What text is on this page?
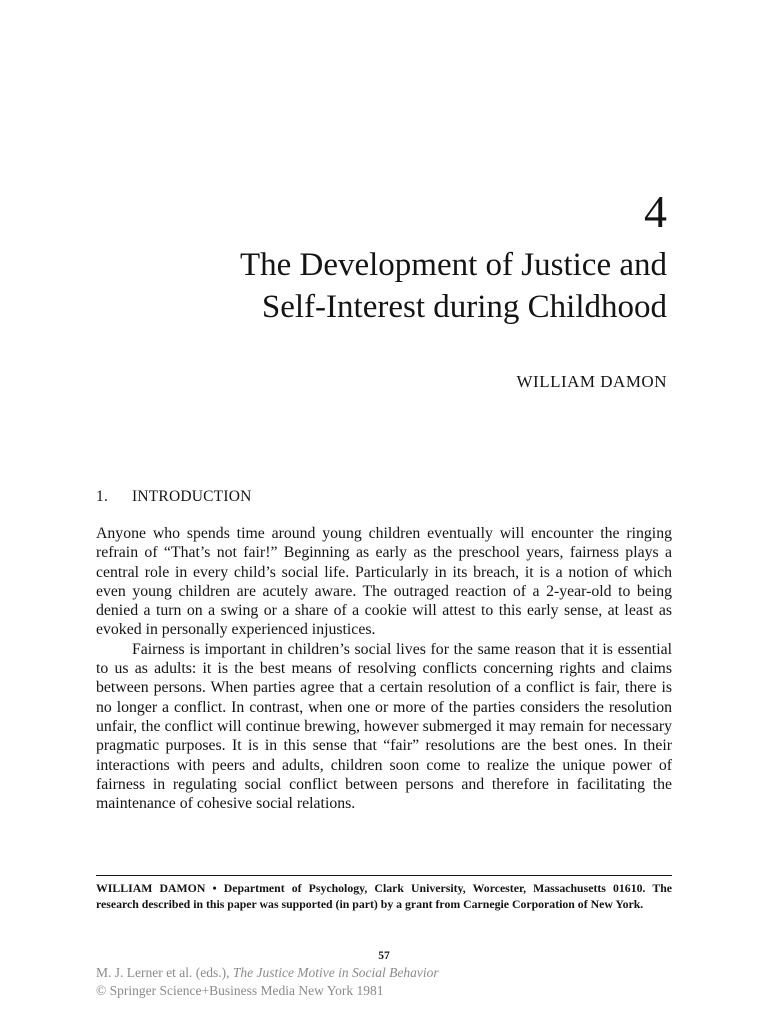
4
The Development of Justice and
Self-Interest during Childhood
WILLIAM DAMON
1. INTRODUCTION

Anyone who spends time around young children eventually will encounter the ringing refrain of “That’s not fair!” Beginning as early as the preschool years, fairness plays a central role in every child’s social life. Particularly in its breach, it is a notion of which even young children are acutely aware. The outraged reaction of a 2-year-old to being denied a turn on a swing or a share of a cookie will attest to this early sense, at least as evoked in personally experienced injustices.

Fairness is important in children’s social lives for the same reason that it is essential to us as adults: it is the best means of resolving conflicts concerning rights and claims between persons. When parties agree that a certain resolution of a conflict is fair, there is no longer a conflict. In contrast, when one or more of the parties considers the resolution unfair, the conflict will continue brewing, however submerged it may remain for necessary pragmatic purposes. It is in this sense that “fair” resolutions are the best ones. In their interactions with peers and adults, children soon come to realize the unique power of fairness in regulating social conflict between persons and therefore in facilitating the maintenance of cohesive social relations.

WILLIAM DAMON • Department of Psychology, Clark University, Worcester, Massachusetts 01610. The research described in this paper was supported (in part) by a grant from Carnegie Corporation of New York.
57
M. J. Lerner et al. (eds.), The Justice Motive in Social Behavior
© Springer Science+Business Media New York 1981
